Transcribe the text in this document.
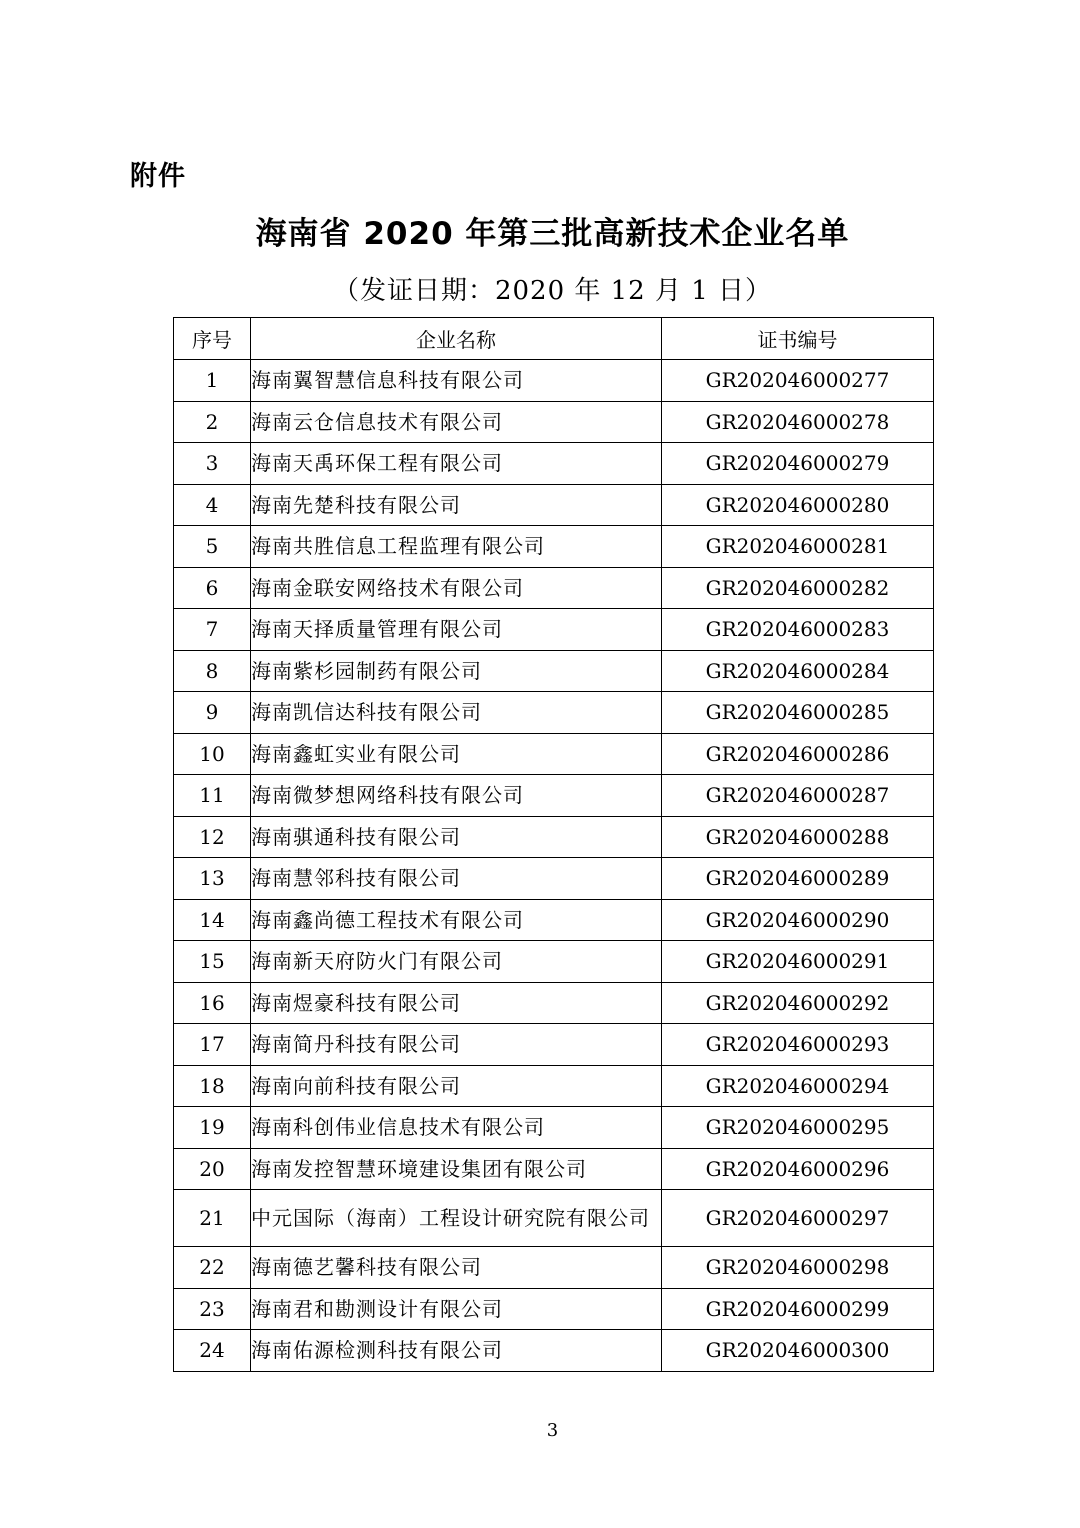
附件
海南省 2020 年第三批高新技术企业名单
（发证日期：2020 年 12 月 1 日）
序号	企业名称	证书编号
1	海南翼智慧信息科技有限公司	GR202046000277
2	海南云仓信息技术有限公司	GR202046000278
3	海南天禹环保工程有限公司	GR202046000279
4	海南先楚科技有限公司	GR202046000280
5	海南共胜信息工程监理有限公司	GR202046000281
6	海南金联安网络技术有限公司	GR202046000282
7	海南天择质量管理有限公司	GR202046000283
8	海南紫杉园制药有限公司	GR202046000284
9	海南凯信达科技有限公司	GR202046000285
10	海南鑫虹实业有限公司	GR202046000286
11	海南微梦想网络科技有限公司	GR202046000287
12	海南骐通科技有限公司	GR202046000288
13	海南慧邻科技有限公司	GR202046000289
14	海南鑫尚德工程技术有限公司	GR202046000290
15	海南新天府防火门有限公司	GR202046000291
16	海南煜豪科技有限公司	GR202046000292
17	海南简丹科技有限公司	GR202046000293
18	海南向前科技有限公司	GR202046000294
19	海南科创伟业信息技术有限公司	GR202046000295
20	海南发控智慧环境建设集团有限公司	GR202046000296
21	中元国际（海南）工程设计研究院有限公司	GR202046000297
22	海南德艺馨科技有限公司	GR202046000298
23	海南君和勘测设计有限公司	GR202046000299
24	海南佑源检测科技有限公司	GR202046000300
3
